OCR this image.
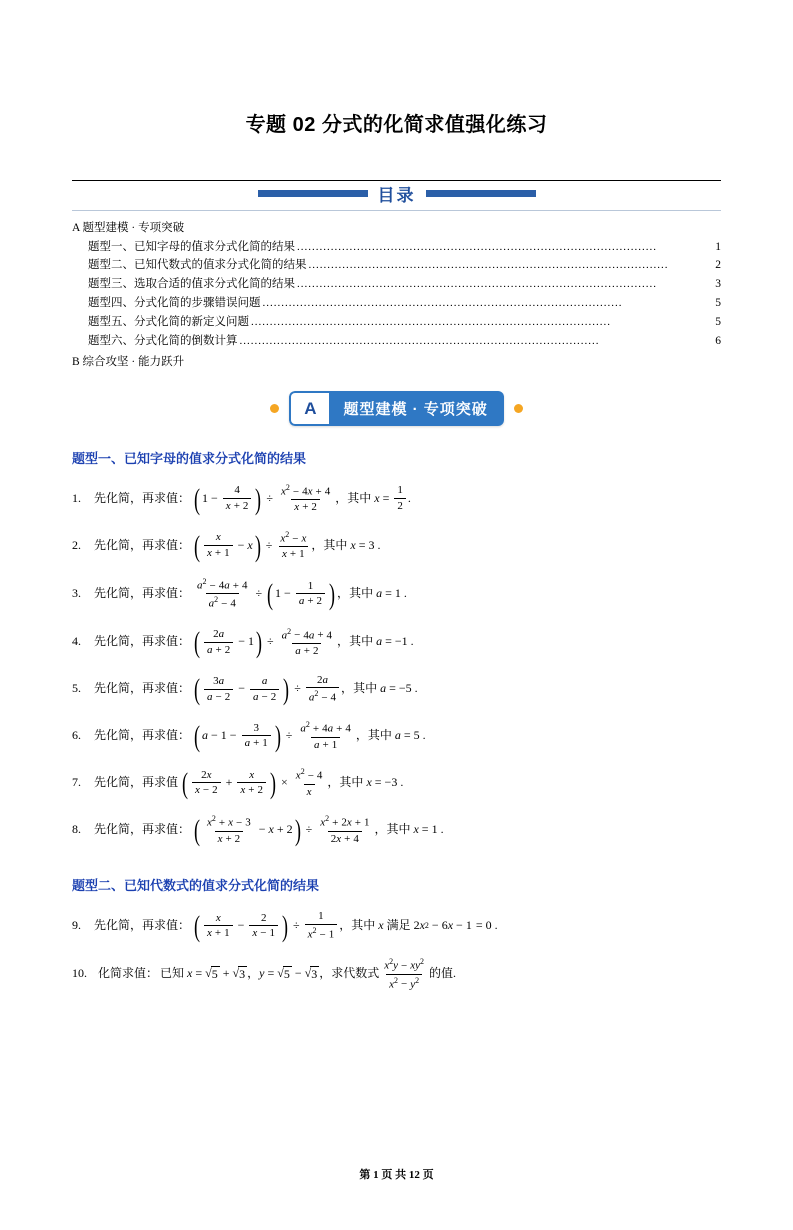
专题 02 分式的化简求值强化练习
目录
A 题型建模 · 专项突破
题型一、已知字母的值求分式化简的结果 ................................................................................................	1
题型二、已知代数式的值求分式化简的结果 ................................................................................................	2
题型三、选取合适的值求分式化简的结果 ................................................................................................	3
题型四、分式化简的步骤错误问题 ................................................................................................	5
题型五、分式化简的新定义问题 ................................................................................................	5
题型六、分式化简的倒数计算 ................................................................................................	6
B 综合攻坚 · 能力跃升
A	题型建模 · 专项突破
题型一、已知字母的值求分式化简的结果
1.	先化简，再求值： ( $1 - \frac{4}{x + 2}$ ) ÷ $\frac{x^2 - 4x + 4}{x + 2}$ ， 其中 $x = \frac{1}{2}$ .
2.	先化简，再求值： ( $\frac{x}{x + 1} - x$ ) ÷ $\frac{x^2 - x}{x + 1}$ ， 其中 x = 3 .
3.	先化简，再求值： $\frac{a^2 - 4a + 4}{a^2 - 4}$ ÷ ( $1 - \frac{1}{a + 2}$ ) ， 其中 a = 1 .
4.	先化简，再求值： ( $\frac{2a}{a + 2} - 1$ ) ÷ $\frac{a^2 - 4a + 4}{a + 2}$ ， 其中 a = −1 .
5.	先化简，再求值： ( $\frac{3a}{a - 2} - \frac{a}{a - 2}$ ) ÷ $\frac{2a}{a^2 - 4}$ ， 其中 a = −5 .
6.	先化简，再求值： ( $a - 1 - \frac{3}{a + 1}$ ) ÷ $\frac{a^2 + 4a + 4}{a + 1}$ ， 其中 a = 5 .
7.	先化简，再求值 ( $\frac{2x}{x - 2} + \frac{x}{x + 2}$ ) × $\frac{x^2 - 4}{x}$ ， 其中 x = −3 .
8.	先化简，再求值： ( $\frac{x^2 + x - 3}{x + 2} - x + 2$ ) ÷ $\frac{x^2 + 2x + 1}{2x + 4}$ ， 其中 x = 1 .
题型二、已知代数式的值求分式化简的结果
9.	先化简，再求值： ( $\frac{x}{x + 1} - \frac{2}{x - 1}$ ) ÷ $\frac{1}{x^2 - 1}$ ， 其中 x 满足 2 x 2 − 6 x − 1 = 0 .
10. 化简求值： 已知 x = √ 5 + √ 3 ， y = √ 5 − √ 3 ，求代数式 $\frac{x^2y - xy^2}{x^2 - y^2}$ 的值.
第 1 页 共 12 页
